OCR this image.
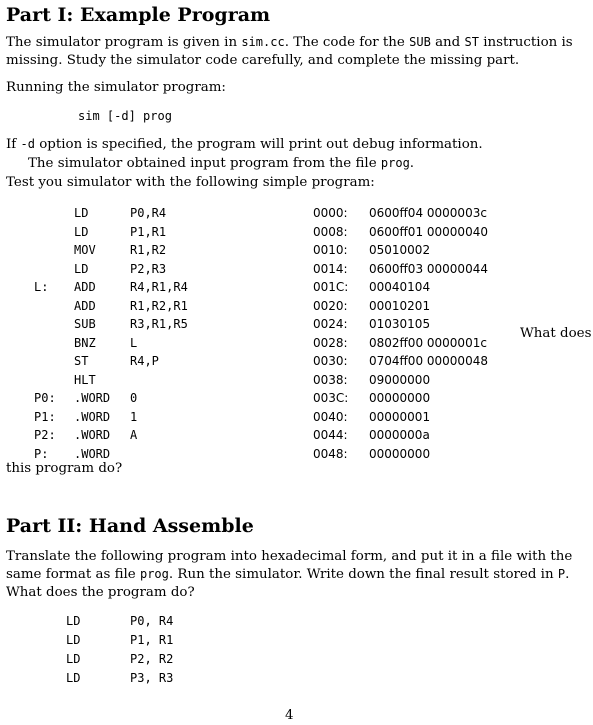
Part I: Example Program
The simulator program is given in sim.cc. The code for the SUB and ST instruction is
missing. Study the simulator code carefully, and complete the missing part.
Running the simulator program:
sim [-d] prog
If -d option is specified, the program will print out debug information.
The simulator obtained input program from the file prog.
Test you simulator with the following simple program:
LD	P0,R4	0000: 0600ff04 0000003c
LD	P1,R1	0008: 0600ff01 00000040
MOV	R1,R2	0010: 05010002
LD	P2,R3	0014: 0600ff03 00000044
L: ADD	R4,R1,R4	001C: 00040104
ADD	R1,R2,R1	0020: 00010201
SUB	R3,R1,R5	0024: 01030105
BNZ	L	0028: 0802ff00 0000001c
ST	R4,P	0030: 0704ff00 00000048
HLT	0038: 09000000
P0: .WORD 0	003C: 00000000
P1: .WORD 1	0040: 00000001
P2: .WORD A	0044: 0000000a
P: .WORD	0048: 00000000
What does
this program do?
Part II: Hand Assemble
Translate the following program into hexadecimal form, and put it in a file with the
same format as file prog. Run the simulator. Write down the final result stored in P.
What does the program do?
LD	P0, R4
LD	P1, R1
LD	P2, R2
LD	P3, R3
4
